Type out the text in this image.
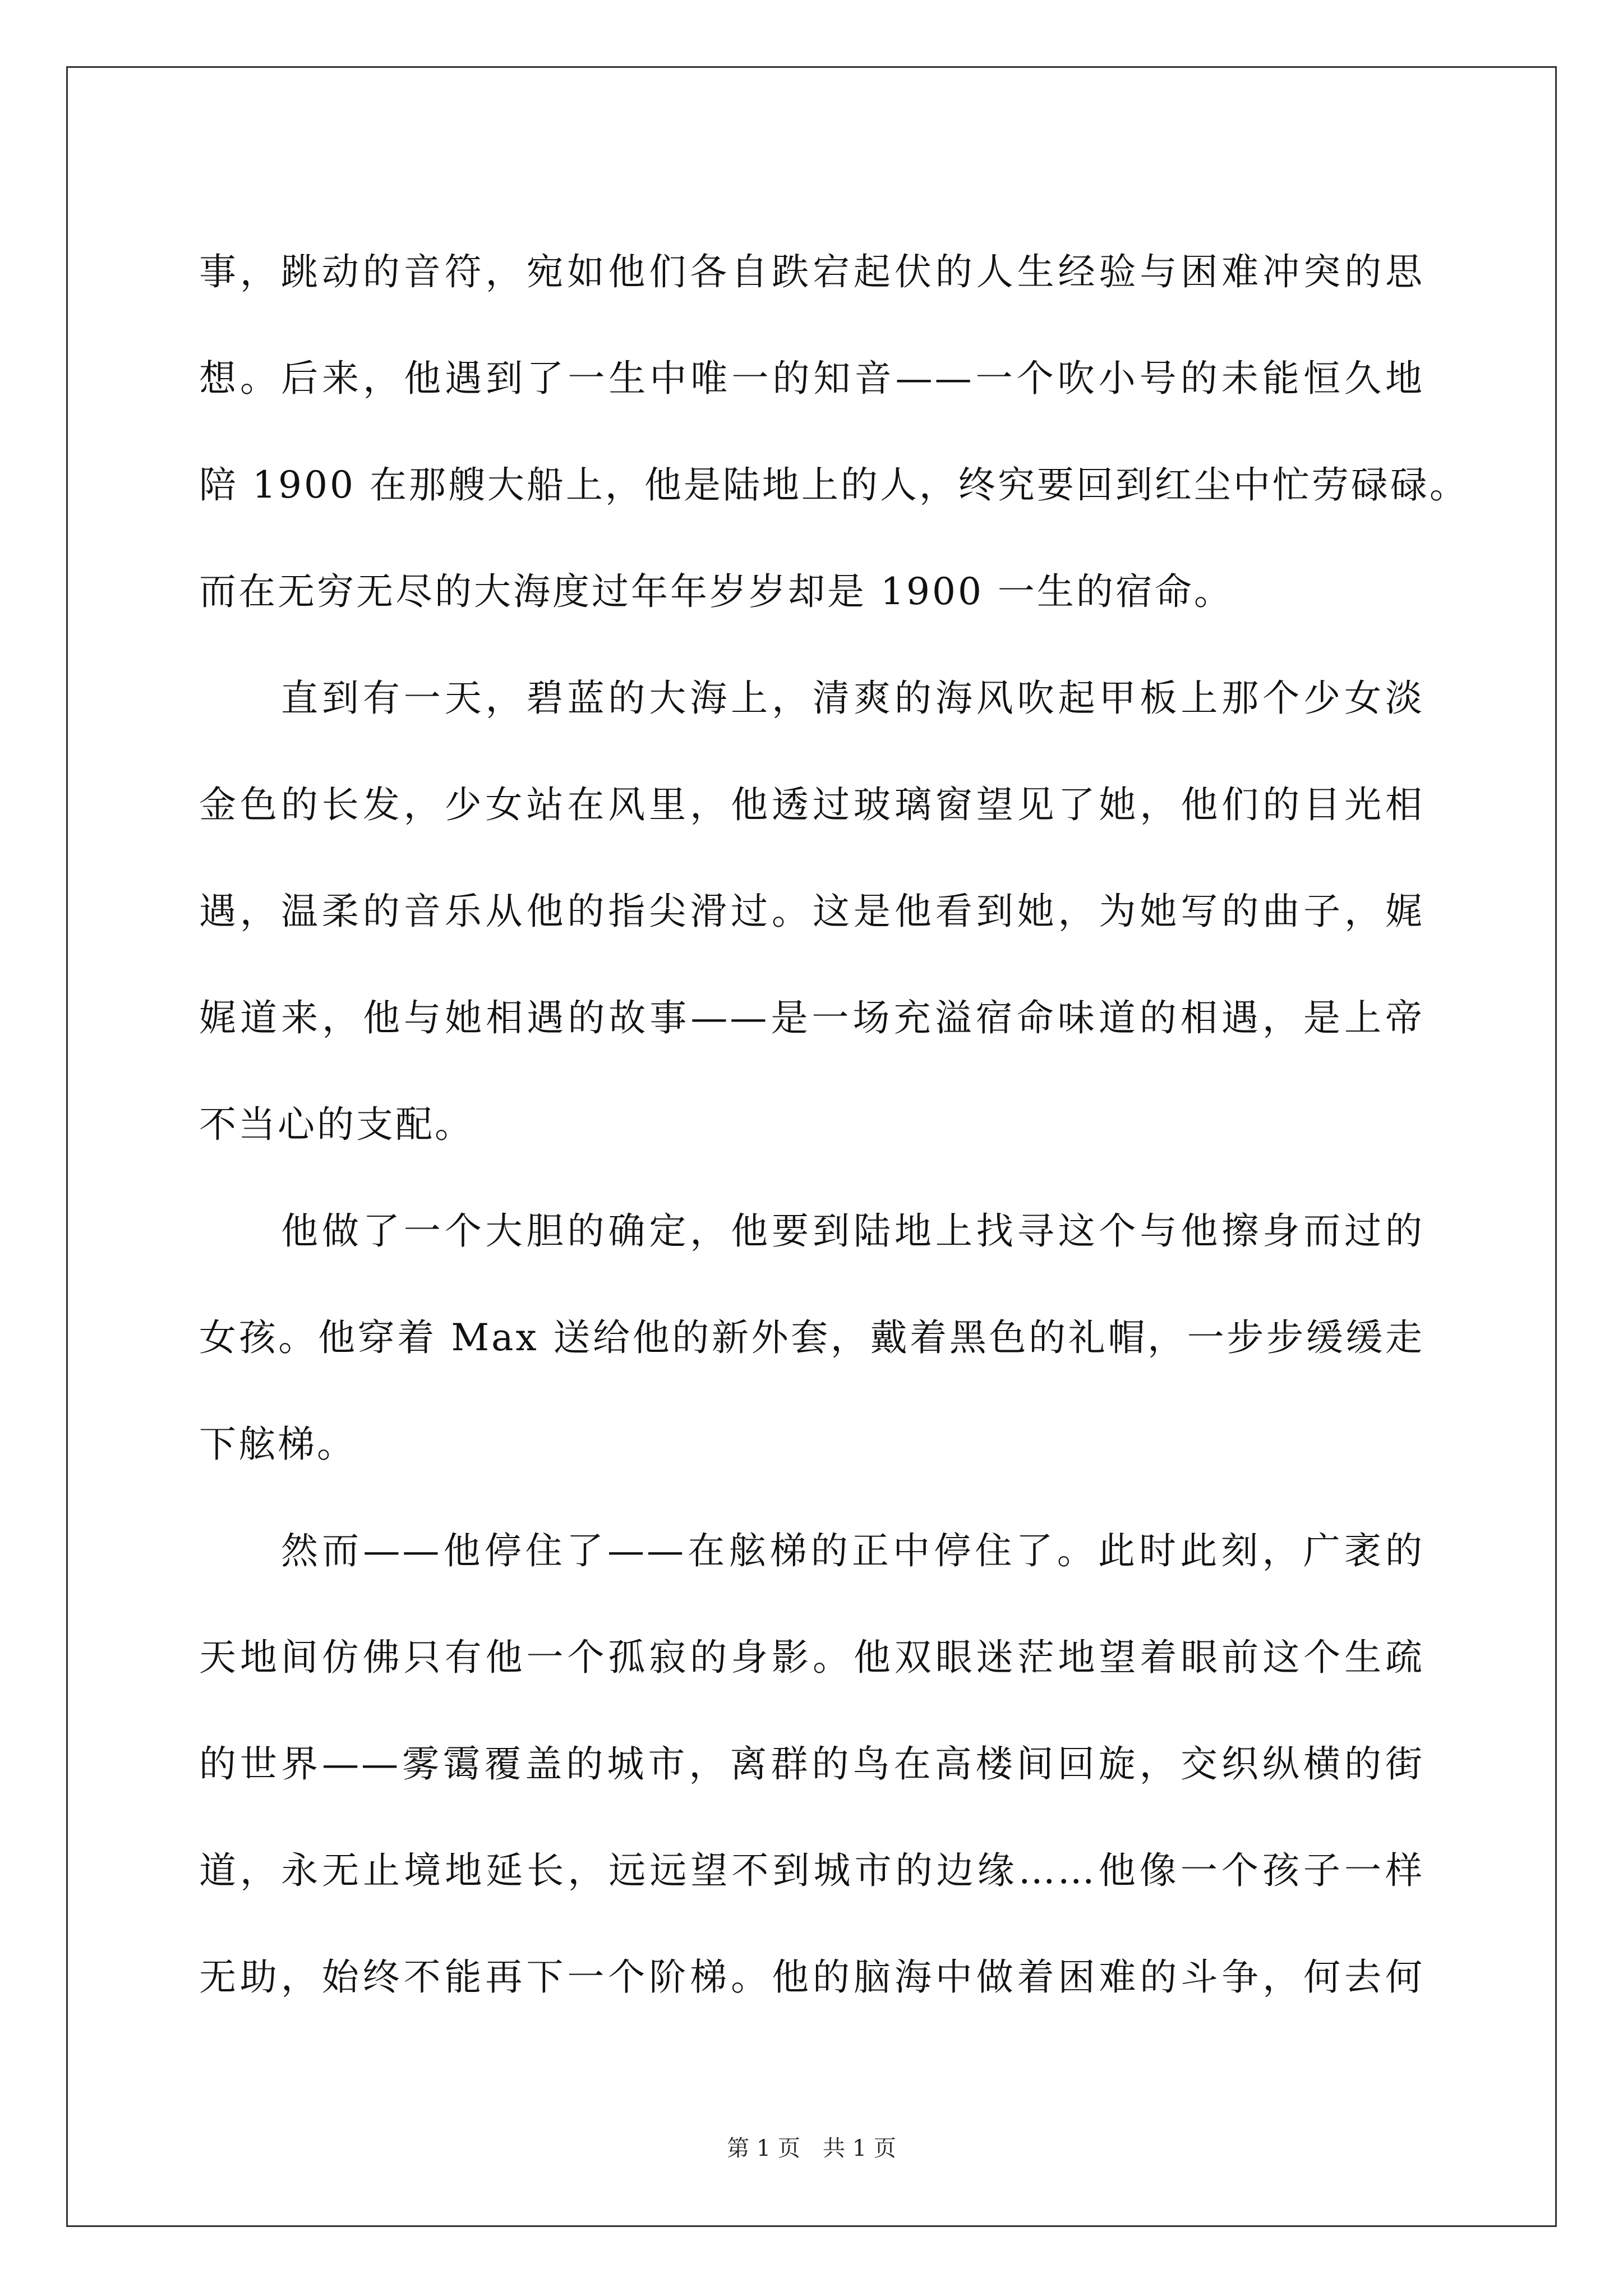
事，跳动的音符，宛如他们各自跌宕起伏的人生经验与困难冲突的思
想。后来，他遇到了一生中唯一的知音——一个吹小号的未能恒久地
陪 1900 在那艘大船上，他是陆地上的人，终究要回到红尘中忙劳碌碌。
而在无穷无尽的大海度过年年岁岁却是 1900 一生的宿命。
直到有一天，碧蓝的大海上，清爽的海风吹起甲板上那个少女淡
金色的长发，少女站在风里，他透过玻璃窗望见了她，他们的目光相
遇，温柔的音乐从他的指尖滑过。这是他看到她，为她写的曲子，娓
娓道来，他与她相遇的故事——是一场充溢宿命味道的相遇，是上帝
不当心的支配。
他做了一个大胆的确定，他要到陆地上找寻这个与他擦身而过的
女孩。他穿着 Max 送给他的新外套，戴着黑色的礼帽，一步步缓缓走
下舷梯。
然而——他停住了——在舷梯的正中停住了。此时此刻，广袤的
天地间仿佛只有他一个孤寂的身影。他双眼迷茫地望着眼前这个生疏
的世界——雾霭覆盖的城市，离群的鸟在高楼间回旋，交织纵横的街
道，永无止境地延长，远远望不到城市的边缘……他像一个孩子一样
无助，始终不能再下一个阶梯。他的脑海中做着困难的斗争，何去何
第 1 页 共 1 页
